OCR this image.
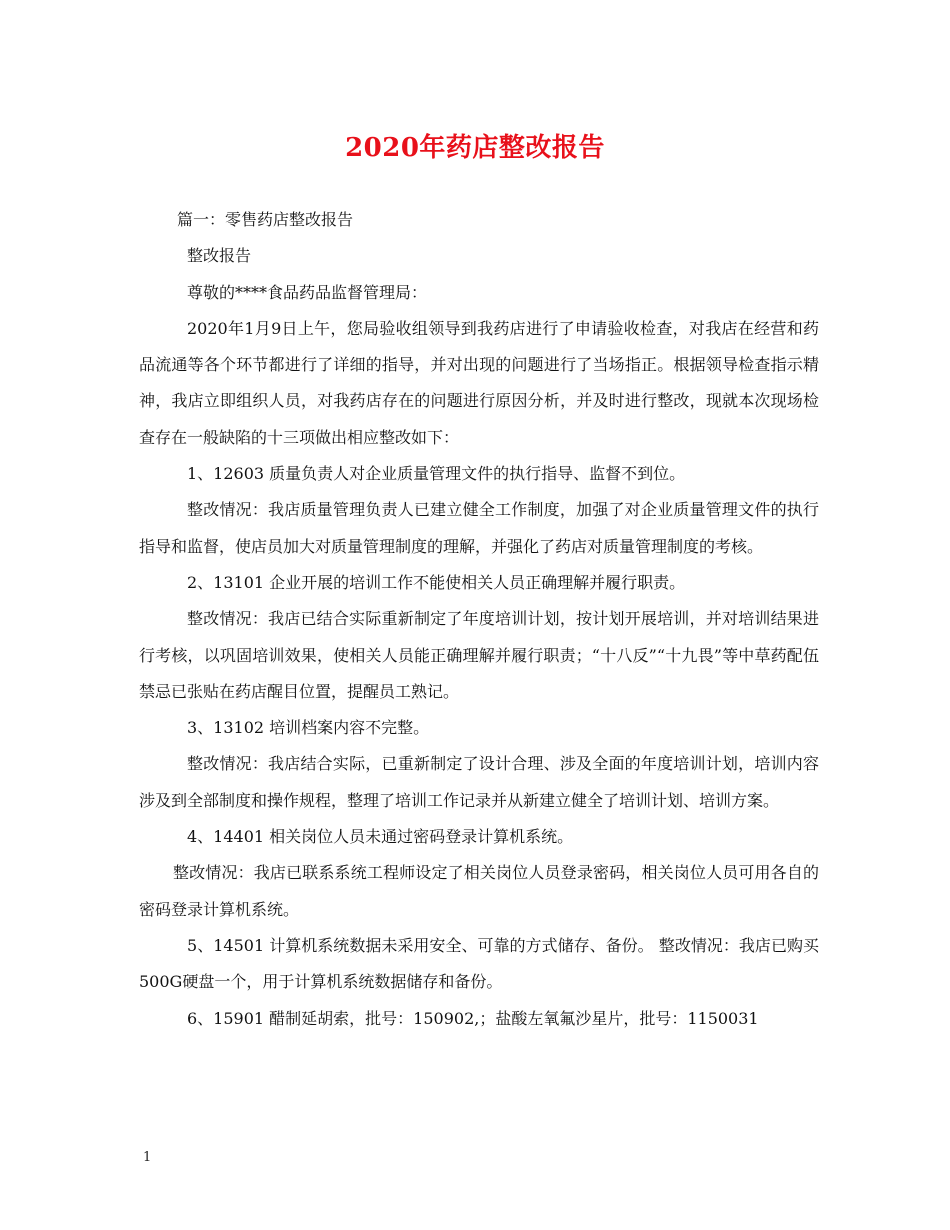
2020年药店整改报告

篇一：零售药店整改报告

整改报告

尊敬的****食品药品监督管理局：

2020年1月9日上午，您局验收组领导到我药店进行了申请验收检查，对我店在经营和药品流通等各个环节都进行了详细的指导，并对出现的问题进行了当场指正。根据领导检查指示精神，我店立即组织人员，对我药店存在的问题进行原因分析，并及时进行整改，现就本次现场检查存在一般缺陷的十三项做出相应整改如下：

1、12603 质量负责人对企业质量管理文件的执行指导、监督不到位。

整改情况：我店质量管理负责人已建立健全工作制度，加强了对企业质量管理文件的执行指导和监督，使店员加大对质量管理制度的理解，并强化了药店对质量管理制度的考核。

2、13101 企业开展的培训工作不能使相关人员正确理解并履行职责。

整改情况：我店已结合实际重新制定了年度培训计划，按计划开展培训，并对培训结果进行考核，以巩固培训效果，使相关人员能正确理解并履行职责；“十八反”“十九畏”等中草药配伍禁忌已张贴在药店醒目位置，提醒员工熟记。

3、13102 培训档案内容不完整。

整改情况：我店结合实际，已重新制定了设计合理、涉及全面的年度培训计划，培训内容涉及到全部制度和操作规程，整理了培训工作记录并从新建立健全了培训计划、培训方案。

4、14401 相关岗位人员未通过密码登录计算机系统。

整改情况：我店已联系系统工程师设定了相关岗位人员登录密码，相关岗位人员可用各自的密码登录计算机系统。

5、14501 计算机系统数据未采用安全、可靠的方式储存、备份。 整改情况：我店已购买500G硬盘一个，用于计算机系统数据储存和备份。

6、15901 醋制延胡索，批号：150902,；盐酸左氧氟沙星片，批号：1150031

1
